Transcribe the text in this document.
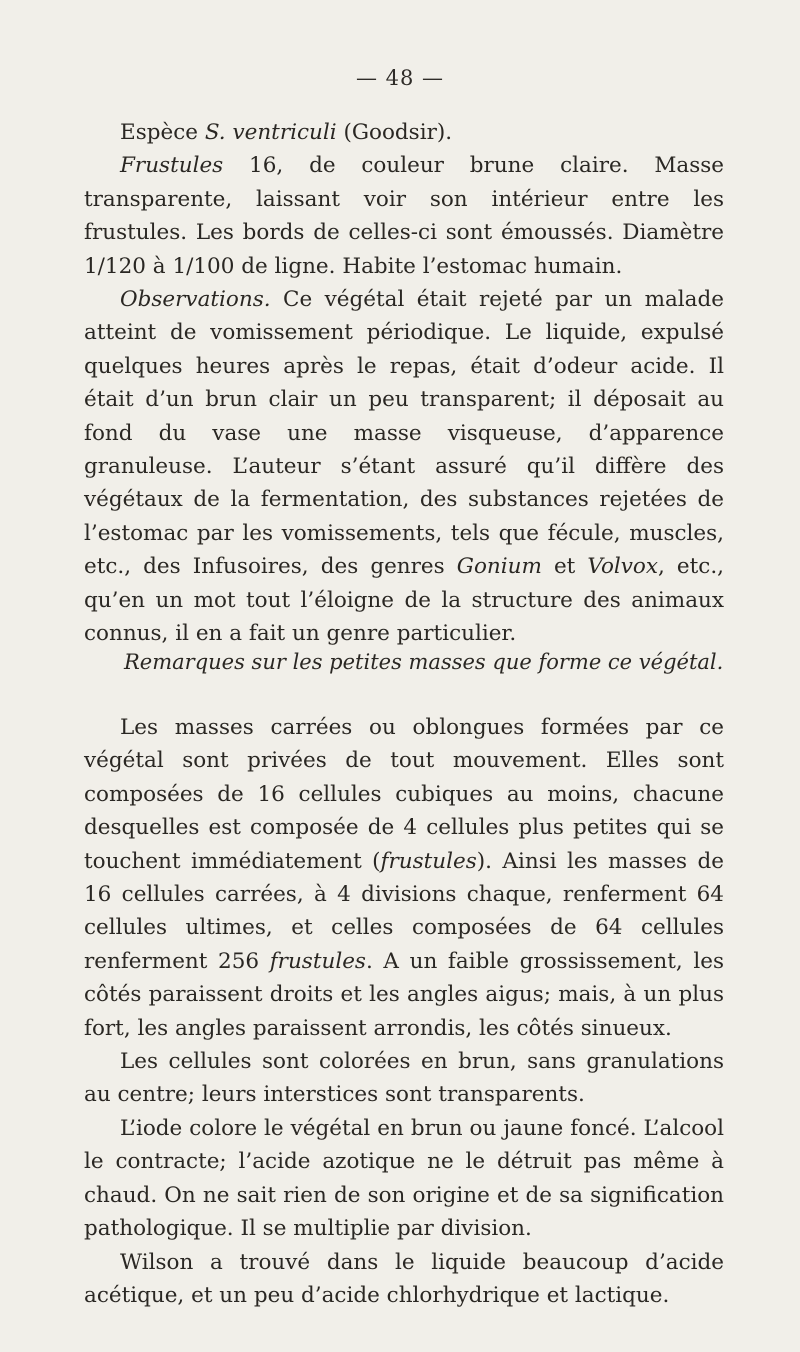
— 48 —

Espèce S. ventriculi (Goodsir).

Frustules 16, de couleur brune claire. Masse transparente, laissant voir son intérieur entre les frustules. Les bords de celles-ci sont émoussés. Diamètre 1/120 à 1/100 de ligne. Habite l’estomac humain.

Observations. Ce végétal était rejeté par un malade atteint de vomissement périodique. Le liquide, expulsé quelques heures après le repas, était d’odeur acide. Il était d’un brun clair un peu transparent; il déposait au fond du vase une masse visqueuse, d’apparence granuleuse. L’auteur s’étant assuré qu’il diffère des végétaux de la fermentation, des substances rejetées de l’estomac par les vomissements, tels que fécule, muscles, etc., des Infusoires, des genres Gonium et Volvox, etc., qu’en un mot tout l’éloigne de la structure des animaux connus, il en a fait un genre particulier.

Remarques sur les petites masses que forme ce végétal.

Les masses carrées ou oblongues formées par ce végétal sont privées de tout mouvement. Elles sont composées de 16 cellules cubiques au moins, chacune desquelles est composée de 4 cellules plus petites qui se touchent immédiatement (frustules). Ainsi les masses de 16 cellules carrées, à 4 divisions chaque, renferment 64 cellules ultimes, et celles composées de 64 cellules renferment 256 frustules. A un faible grossissement, les côtés paraissent droits et les angles aigus; mais, à un plus fort, les angles paraissent arrondis, les côtés sinueux.

Les cellules sont colorées en brun, sans granulations au centre; leurs interstices sont transparents.

L’iode colore le végétal en brun ou jaune foncé. L’alcool le contracte; l’acide azotique ne le détruit pas même à chaud. On ne sait rien de son origine et de sa signification pathologique. Il se multiplie par division.

Wilson a trouvé dans le liquide beaucoup d’acide acétique, et un peu d’acide chlorhydrique et lactique.
